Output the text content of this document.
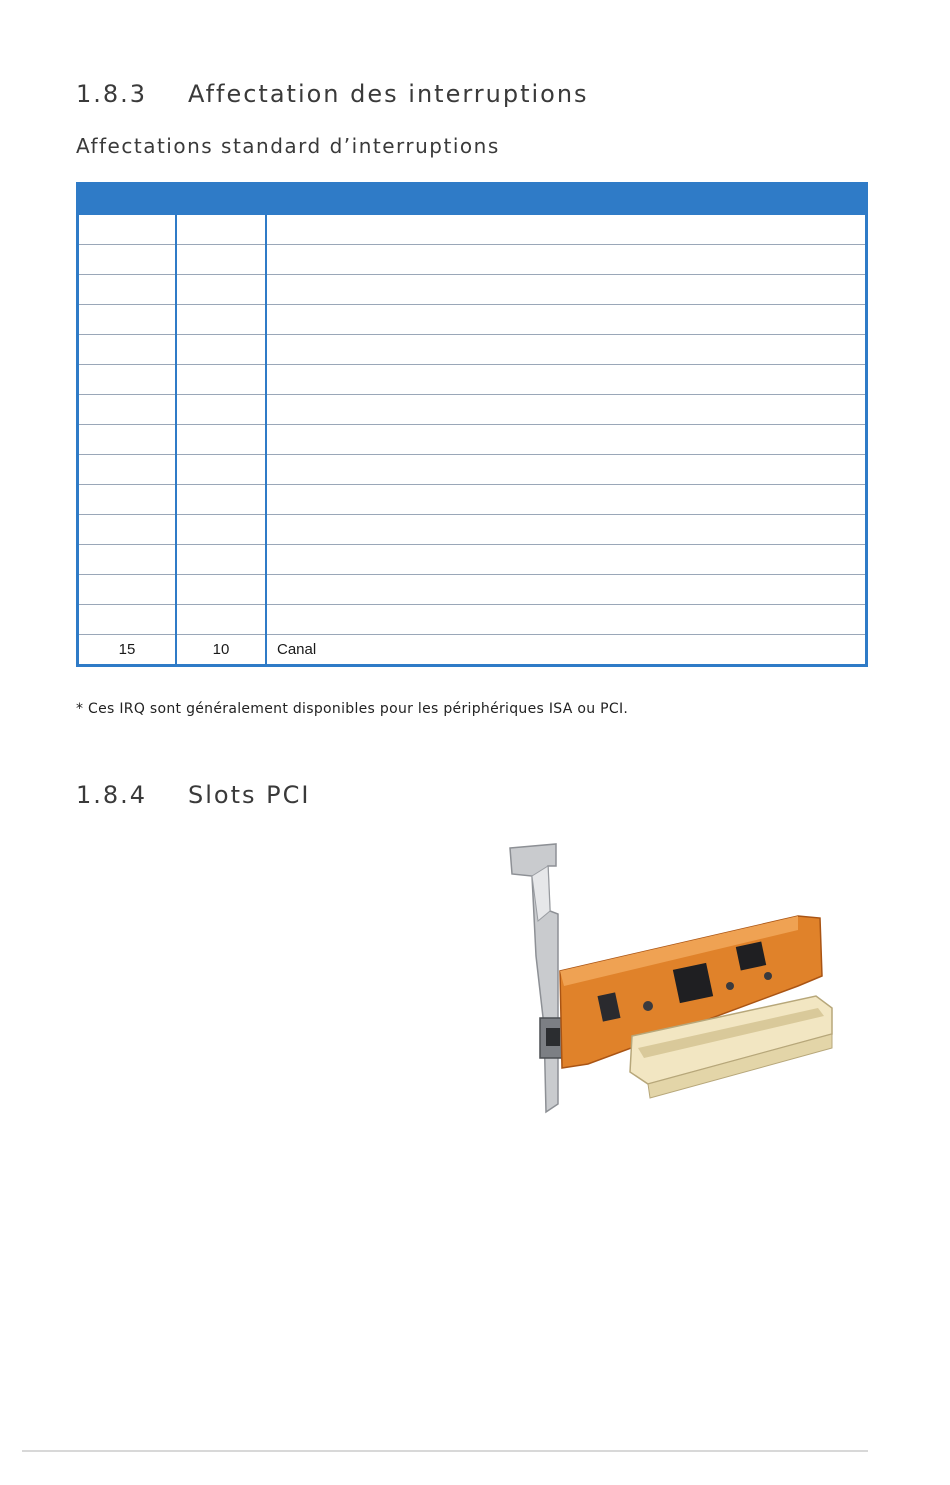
1.8.3 Affectation des interruptions
Affectations standard d’interruptions

15	10	Canal
* Ces IRQ sont généralement disponibles pour les périphériques ISA ou PCI.
1.8.4 Slots PCI
